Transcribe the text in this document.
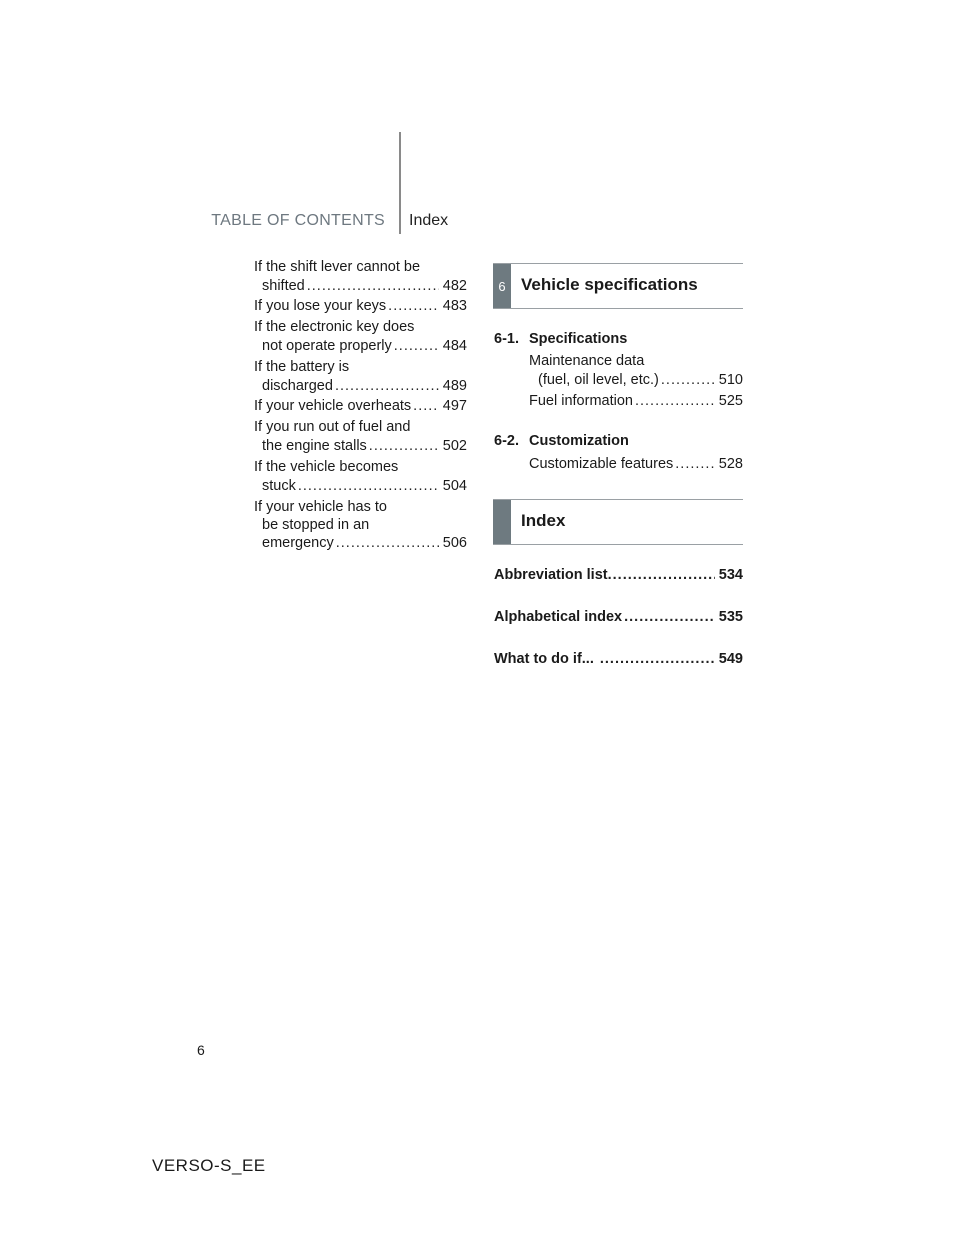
TABLE OF CONTENTS Index
If the shift lever cannot be
shifted .....	482
If you lose your keys .....	483
If the electronic key does
not operate properly .....	484
If the battery is
discharged .....	489
If your vehicle overheats ..... 497
If you run out of fuel and
the engine stalls .....	502
If the vehicle becomes
stuck .....	504
If your vehicle has to
be stopped in an
emergency .....	506
6 Vehicle specifications
6-1. Specifications
Maintenance data
(fuel, oil level, etc.) .....	510
Fuel information .....	525
6-2. Customization
Customizable features .....	528
Index
Abbreviation list .....	534
Alphabetical index .....	535
What to do if... .....	549
6
VERSO-S_EE
